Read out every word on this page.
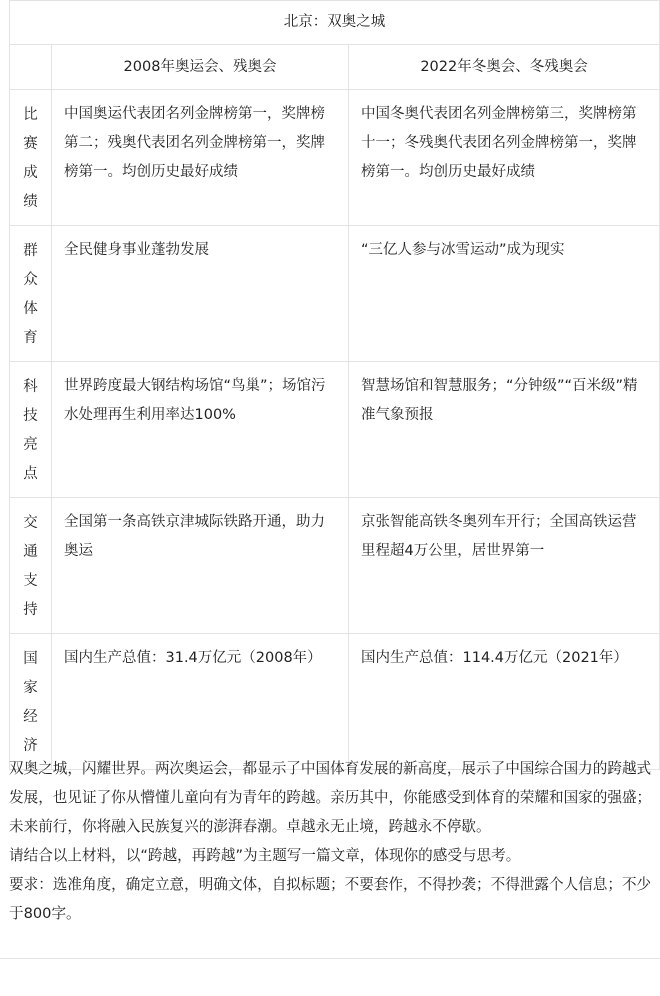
北京：双奥之城		
	2008年奥运会、残奥会	2022年冬奥会、冬残奥会

比
赛
成
绩	中国奥运代表团名列金牌榜第一，奖牌榜第二；残奥代表团名列金牌榜第一，奖牌榜第一。均创历史最好成绩	中国冬奥代表团名列金牌榜第三，奖牌榜第十一；冬残奥代表团名列金牌榜第一，奖牌榜第一。均创历史最好成绩

群
众
体
育	全民健身事业蓬勃发展	“三亿人参与冰雪运动”成为现实

科
技
亮
点	世界跨度最大钢结构场馆“鸟巢”；场馆污水处理再生利用率达100%	智慧场馆和智慧服务；“分钟级”“百米级”精准气象预报

交
通
支
持	全国第一条高铁京津城际铁路开通，助力奥运	京张智能高铁冬奥列车开行；全国高铁运营里程超4万公里，居世界第一

国
家
经
济	国内生产总值：31.4万亿元（2008年）	国内生产总值：114.4万亿元（2021年）

双奥之城，闪耀世界。两次奥运会，都显示了中国体育发展的新高度，展示了中国综合国力的跨越式发展，也见证了你从懵懂儿童向有为青年的跨越。亲历其中，你能感受到体育的荣耀和国家的强盛；未来前行，你将融入民族复兴的澎湃春潮。卓越永无止境，跨越永不停歇。

请结合以上材料，以“跨越，再跨越”为主题写一篇文章，体现你的感受与思考。

要求：选准角度，确定立意，明确文体，自拟标题；不要套作，不得抄袭；不得泄露个人信息；不少于800字。
